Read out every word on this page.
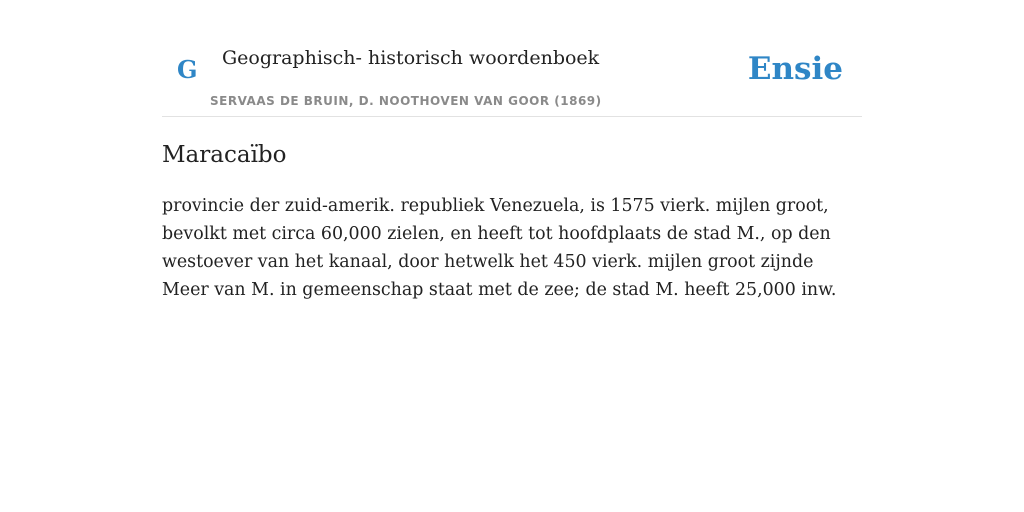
G Geographisch- historisch woordenboek
SERVAAS DE BRUIN, D. NOOTHOVEN VAN GOOR (1869)
Ensie
Maracaïbo

provincie der zuid-amerik. republiek Venezuela, is 1575 vierk. mijlen groot, bevolkt met circa 60,000 zielen, en heeft tot hoofdplaats de stad M., op den westoever van het kanaal, door hetwelk het 450 vierk. mijlen groot zijnde Meer van M. in gemeenschap staat met de zee; de stad M. heeft 25,000 inw.
